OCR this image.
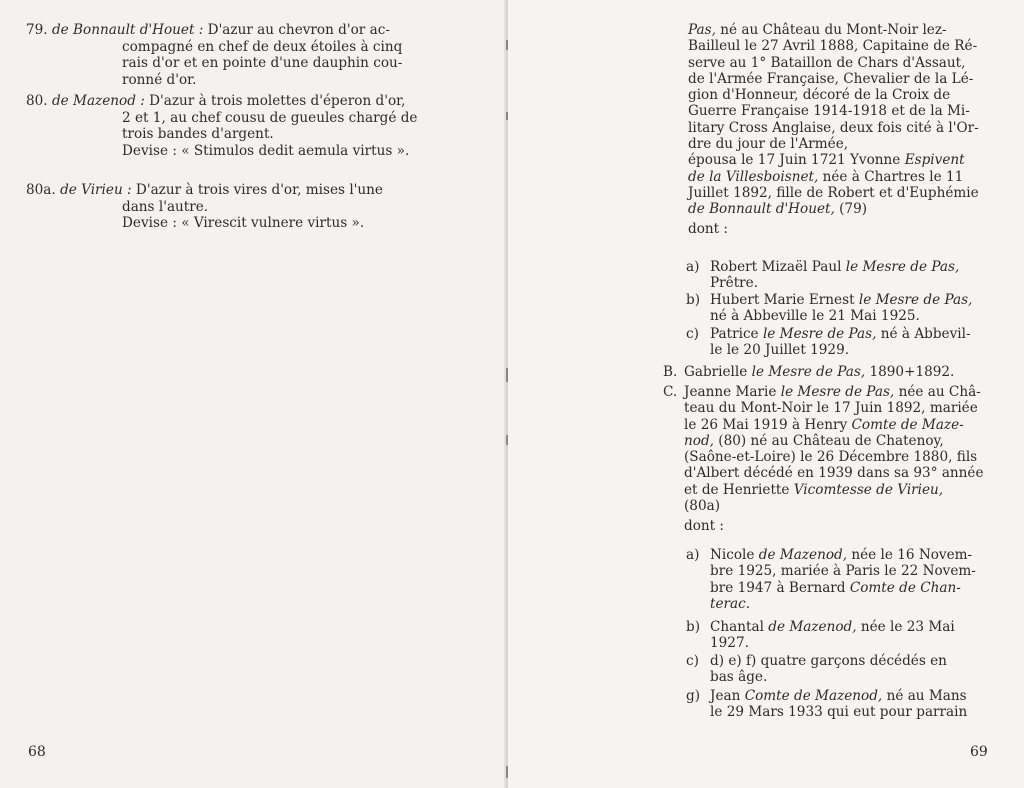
79. de Bonnault d'Houet : D'azur au chevron d'or ac-
compagné en chef de deux étoiles à cinq
rais d'or et en pointe d'une dauphin cou-
ronné d'or.
80. de Mazenod : D'azur à trois molettes d'éperon d'or,
2 et 1, au chef cousu de gueules chargé de
trois bandes d'argent.
Devise : « Stimulos dedit aemula virtus ».
80a. de Virieu : D'azur à trois vires d'or, mises l'une
dans l'autre.
Devise : « Virescit vulnere virtus ».
68
Pas, né au Château du Mont-Noir lez-
Bailleul le 27 Avril 1888, Capitaine de Ré-
serve au 1° Bataillon de Chars d'Assaut,
de l'Armée Française, Chevalier de la Lé-
gion d'Honneur, décoré de la Croix de
Guerre Française 1914-1918 et de la Mi-
litary Cross Anglaise, deux fois cité à l'Or-
dre du jour de l'Armée,
épousa le 17 Juin 1721 Yvonne Espivent
de la Villesboisnet, née à Chartres le 11
Juillet 1892, fille de Robert et d'Euphémie
de Bonnault d'Houet, (79)
dont :
a) Robert Mizaël Paul le Mesre de Pas,
Prêtre.
b) Hubert Marie Ernest le Mesre de Pas,
né à Abbeville le 21 Mai 1925.
c) Patrice le Mesre de Pas, né à Abbevil-
le le 20 Juillet 1929.
B. Gabrielle le Mesre de Pas, 1890+1892.
C. Jeanne Marie le Mesre de Pas, née au Châ-
teau du Mont-Noir le 17 Juin 1892, mariée
le 26 Mai 1919 à Henry Comte de Maze-
nod, (80) né au Château de Chatenoy,
(Saône-et-Loire) le 26 Décembre 1880, fils
d'Albert décédé en 1939 dans sa 93° année
et de Henriette Vicomtesse de Virieu,
(80a)
dont :
a) Nicole de Mazenod, née le 16 Novem-
bre 1925, mariée à Paris le 22 Novem-
bre 1947 à Bernard Comte de Chan-
terac.
b) Chantal de Mazenod, née le 23 Mai
1927.
c) d) e) f) quatre garçons décédés en
bas âge.
g) Jean Comte de Mazenod, né au Mans
le 29 Mars 1933 qui eut pour parrain
69
